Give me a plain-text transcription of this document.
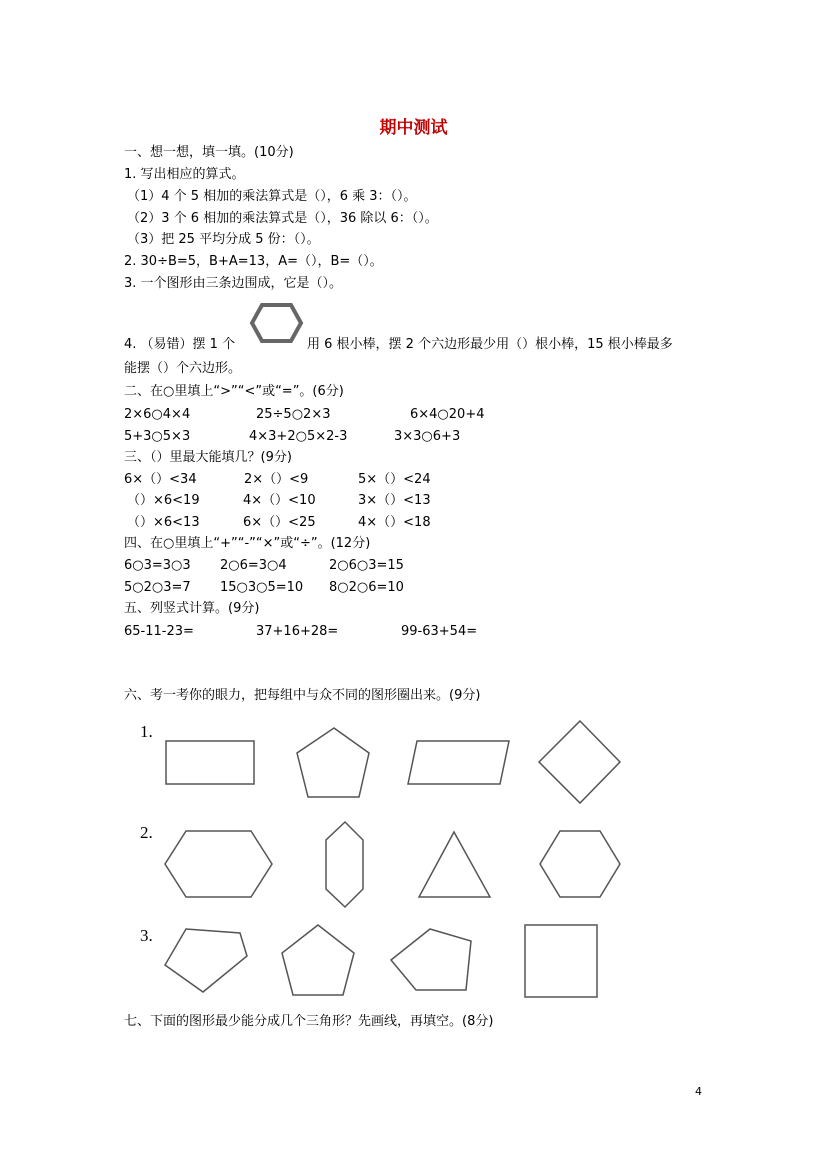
期中测试
一、想一想，填一填。(10分)
1. 写出相应的算式。
（1）4 个 5 相加的乘法算式是（），6 乘 3：（）。
（2）3 个 6 相加的乘法算式是（），36 除以 6：（）。
（3）把 25 平均分成 5 份：（）。
2. 30÷B=5，B+A=13，A=（），B=（）。
3. 一个图形由三条边围成，它是（）。
4. （易错）摆 1 个	用 6 根小棒，摆 2 个六边形最少用（）根小棒，15 根小棒最多
能摆（）个六边形。
二、在○里填上“>”“<”或“=”。(6分)
2×6○4×4	25÷5○2×3	6×4○20+4
5+3○5×3	4×3+2○5×2-3	3×3○6+3
三、（）里最大能填几？(9分)
6×（）<34	2×（）<9	5×（）<24
（）×6<19	4×（）<10	3×（）<13
（）×6<13	6×（）<25	4×（）<18
四、在○里填上“+”“-”“×”或“÷”。(12分)
6○3=3○3 2○6=3○4	2○6○3=15
5○2○3=7 15○3○5=10 8○2○6=10
五、列竖式计算。(9分)
65-11-23=	37+16+28=	99-63+54=
六、考一考你的眼力，把每组中与众不同的图形圈出来。(9分)
1.
2.
3.
七、下面的图形最少能分成几个三角形？先画线，再填空。(8分)
4
